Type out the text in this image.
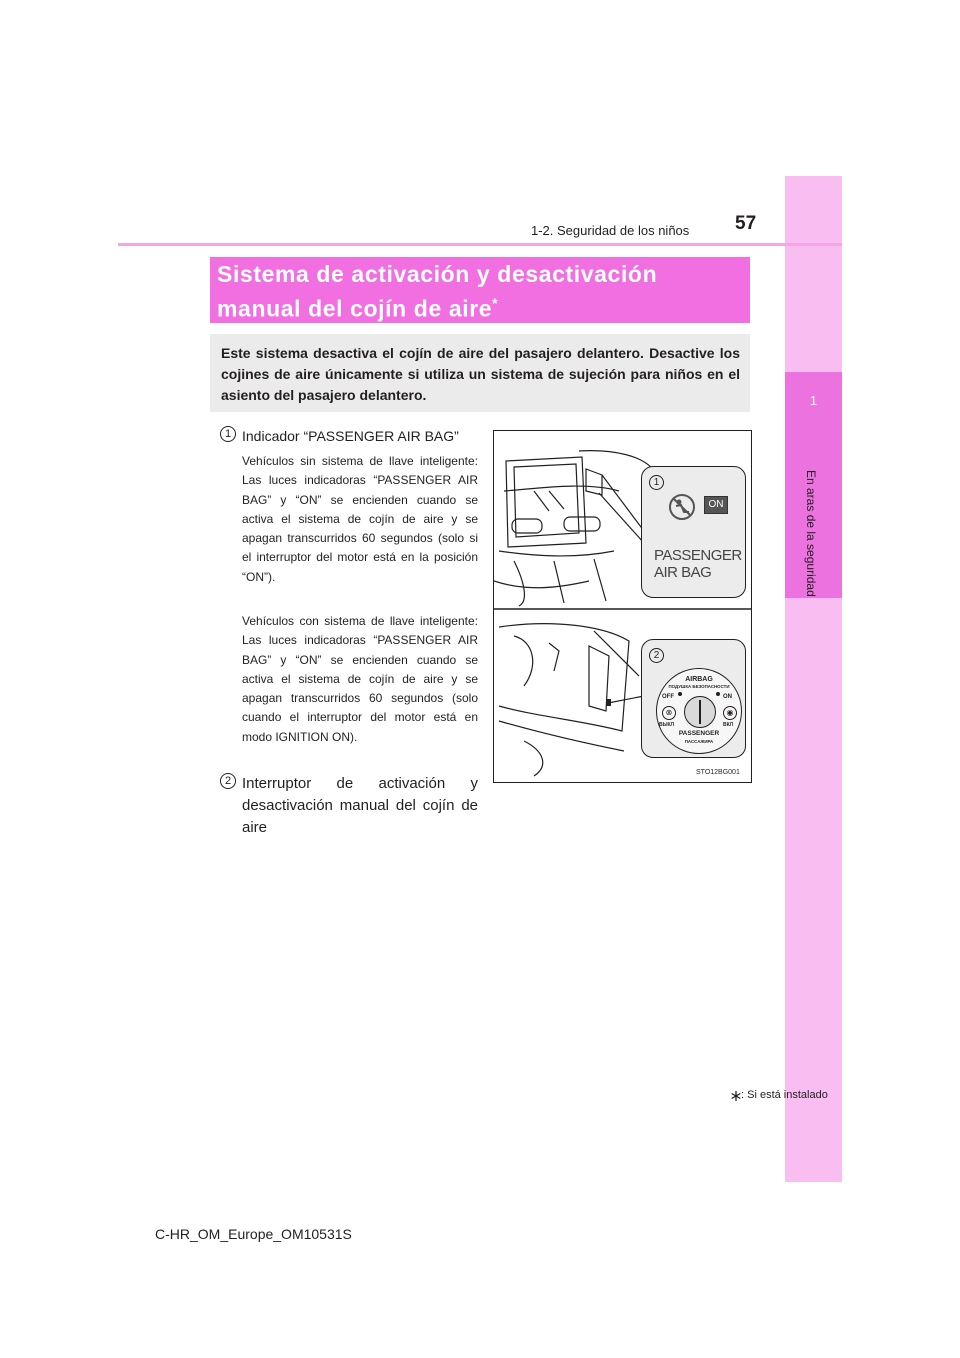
1
En aras de la seguridad
1-2. Seguridad de los niños 57
Sistema de activación y desactivación manual del cojín de aire*
Este sistema desactiva el cojín de aire del pasajero delantero. Desactive los cojines de aire únicamente si utiliza un sistema de sujeción para niños en el asiento del pasajero delantero.
1 Indicador “PASSENGER AIR BAG”
Vehículos sin sistema de llave inteligente: Las luces indicadoras “PASSENGER AIR BAG” y “ON” se encienden cuando se activa el sistema de cojín de aire y se apagan transcurridos 60 segundos (solo si el interruptor del motor está en la posición “ON”).
Vehículos con sistema de llave inteligente: Las luces indicadoras “PASSENGER AIR BAG” y “ON” se encienden cuando se activa el sistema de cojín de aire y se apagan transcurridos 60 segundos (solo cuando el interruptor del motor está en modo IGNITION ON).
2 Interruptor de activación y desactivación manual del cojín de aire
1
ON
PASSENGER
AIR BAG
2
AIRBAG
ПОДУШКА БЕЗОПАСНОСТИ
OFF	ON
⊗	◉
ВЫКЛ	ВКЛ
PASSENGER
ПАССАЖИРА
STO12BG001
: Si está instalado
C-HR_OM_Europe_OM10531S
